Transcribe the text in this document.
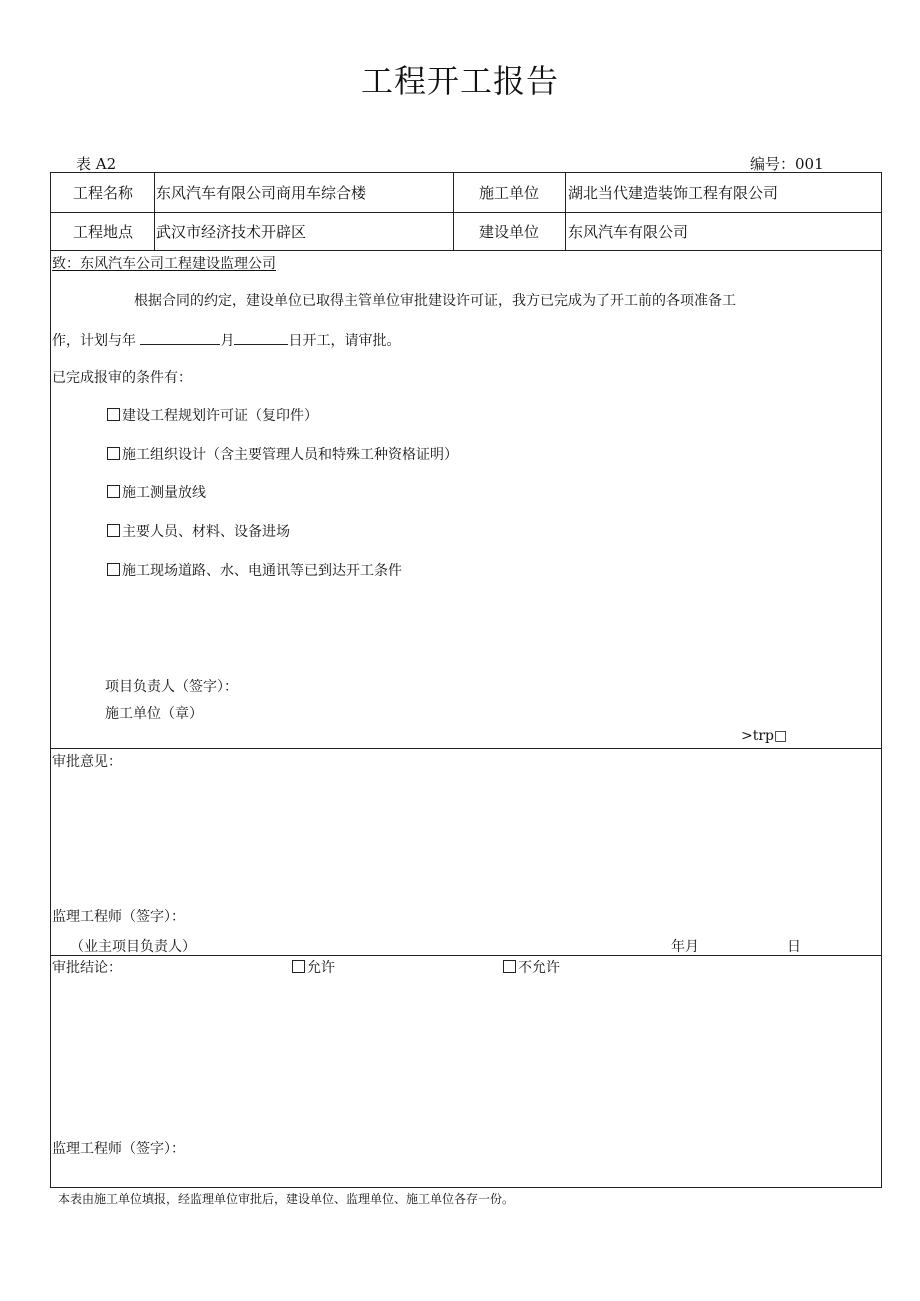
工程开工报告
表 A2	编号：001
工程名称 东风汽车有限公司商用车综合楼	施工单位 湖北当代建造装饰工程有限公司
工程地点 武汉市经济技术开辟区	建设单位 东风汽车有限公司
致：东风汽车公司工程建设监理公司
根据合同的约定，建设单位已取得主管单位审批建设许可证，我方已完成为了开工前的各项准备工
作，计划与年	月	日开工，请审批。
已完成报审的条件有：
建设工程规划许可证（复印件）
施工组织设计（含主要管理人员和特殊工种资格证明）
施工测量放线
主要人员、材料、设备进场
施工现场道路、水、电通讯等已到达开工条件
项目负责人（签字）：
施工单位（章）
>trp□
审批意见：
监理工程师（签字）：
（业主项目负责人）	年月	日
审批结论：	允许	不允许
监理工程师（签字）：
本表由施工单位填报，经监理单位审批后，建设单位、监理单位、施工单位各存一份。
